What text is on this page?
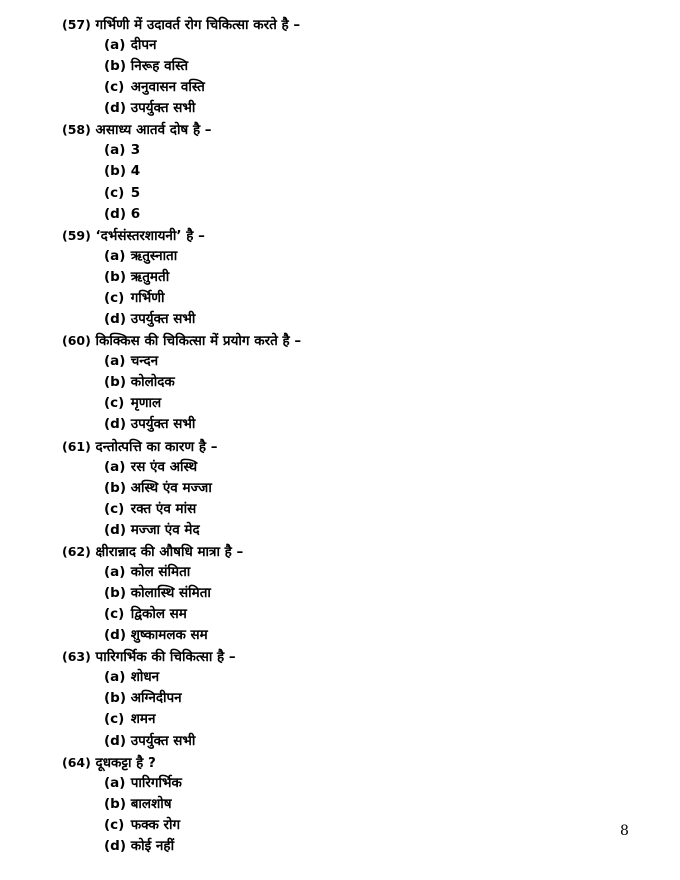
(57) गर्भिणी में उदावर्त रोग चिकित्सा करते है –
(a) दीपन
(b) निरूह वस्ति
(c) अनुवासन वस्ति
(d) उपर्युक्त सभी
(58) असाध्य आतर्व दोष है –
(a) 3
(b) 4
(c) 5
(d) 6
(59) ‘दर्भसंस्तरशायनी’ है –
(a) ऋतुस्नाता
(b) ऋतुमती
(c) गर्भिणी
(d) उपर्युक्त सभी
(60) किक्किस की चिकित्सा में प्रयोग करते है –
(a) चन्दन
(b) कोलोदक
(c) मृणाल
(d) उपर्युक्त सभी
(61) दन्तोत्पत्ति का कारण है –
(a) रस एंव अस्थि
(b) अस्थि एंव मज्जा
(c) रक्त एंव मांस
(d) मज्जा एंव मेद
(62) क्षीरान्नाद की औषधि मात्रा है –
(a) कोल संमिता
(b) कोलास्थि संमिता
(c) द्विकोल सम
(d) शुष्कामलक सम
(63) पारिगर्भिक की चिकित्सा है –
(a) शोधन
(b) अग्निदीपन
(c) शमन
(d) उपर्युक्त सभी
(64) दूधकट्टा है ?
(a) पारिगर्भिक
(b) बालशोष
(c) फक्क रोग
(d) कोई नहीं
8
